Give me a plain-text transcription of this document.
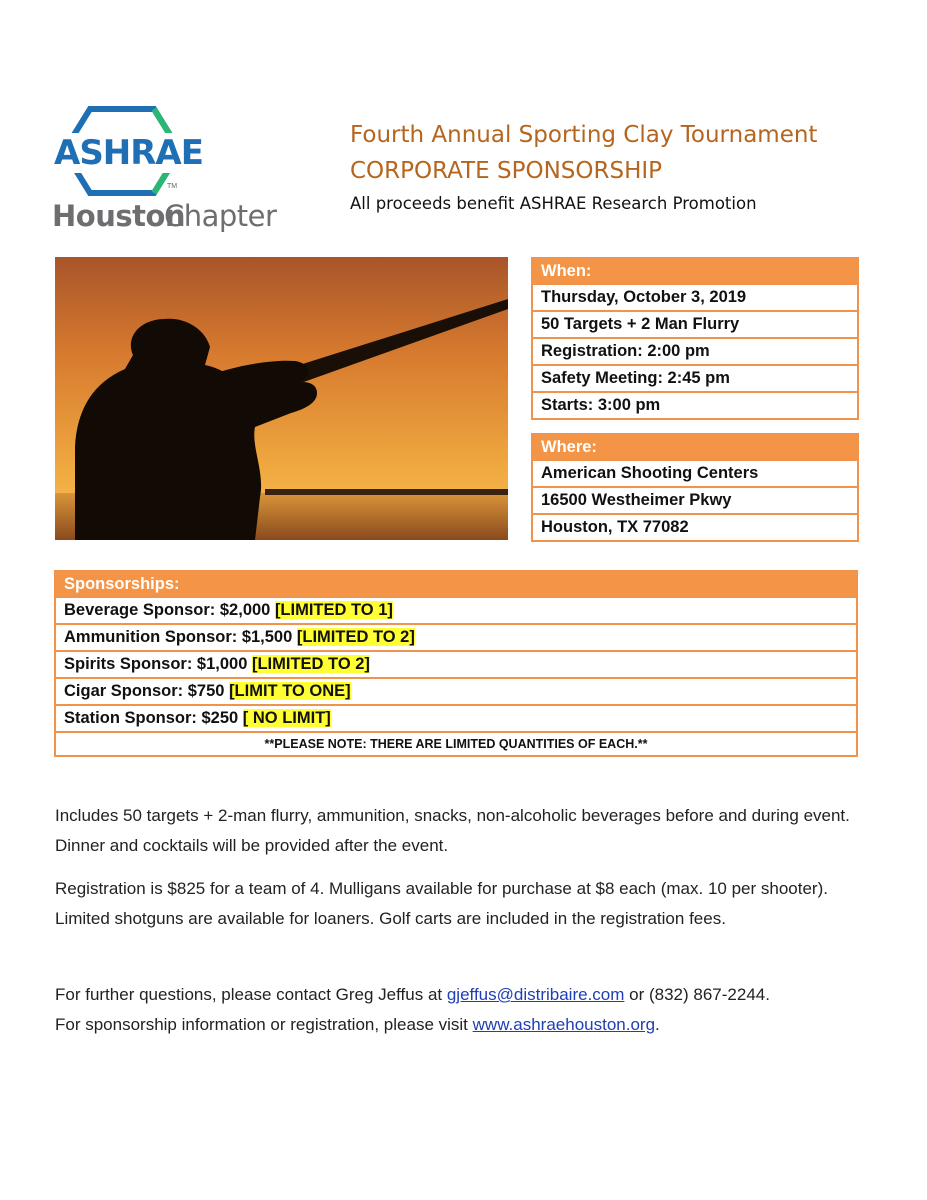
ASHRAE
TM
Houston
Chapter
Fourth Annual Sporting Clay Tournament
CORPORATE SPONSORSHIP
All proceeds benefit ASHRAE Research Promotion
When:
Thursday, October 3, 2019
50 Targets + 2 Man Flurry
Registration: 2:00 pm
Safety Meeting: 2:45 pm
Starts: 3:00 pm
Where:
American Shooting Centers
16500 Westheimer Pkwy
Houston, TX 77082
Sponsorships:
Beverage Sponsor: $2,000 [LIMITED TO 1]
Ammunition Sponsor: $1,500 [LIMITED TO 2]
Spirits Sponsor: $1,000 [LIMITED TO 2]
Cigar Sponsor: $750 [LIMIT TO ONE]
Station Sponsor: $250 [ NO LIMIT]
**PLEASE NOTE: THERE ARE LIMITED QUANTITIES OF EACH.**
Includes 50 targets + 2-man flurry, ammunition, snacks, non-alcoholic beverages before and during event. Dinner and cocktails will be provided after the event.
Registration is $825 for a team of 4. Mulligans available for purchase at $8 each (max. 10 per shooter). Limited shotguns are available for loaners. Golf carts are included in the registration fees.
For further questions, please contact Greg Jeffus at gjeffus@distribaire.com or (832) 867-2244.
For sponsorship information or registration, please visit www.ashraehouston.org.
